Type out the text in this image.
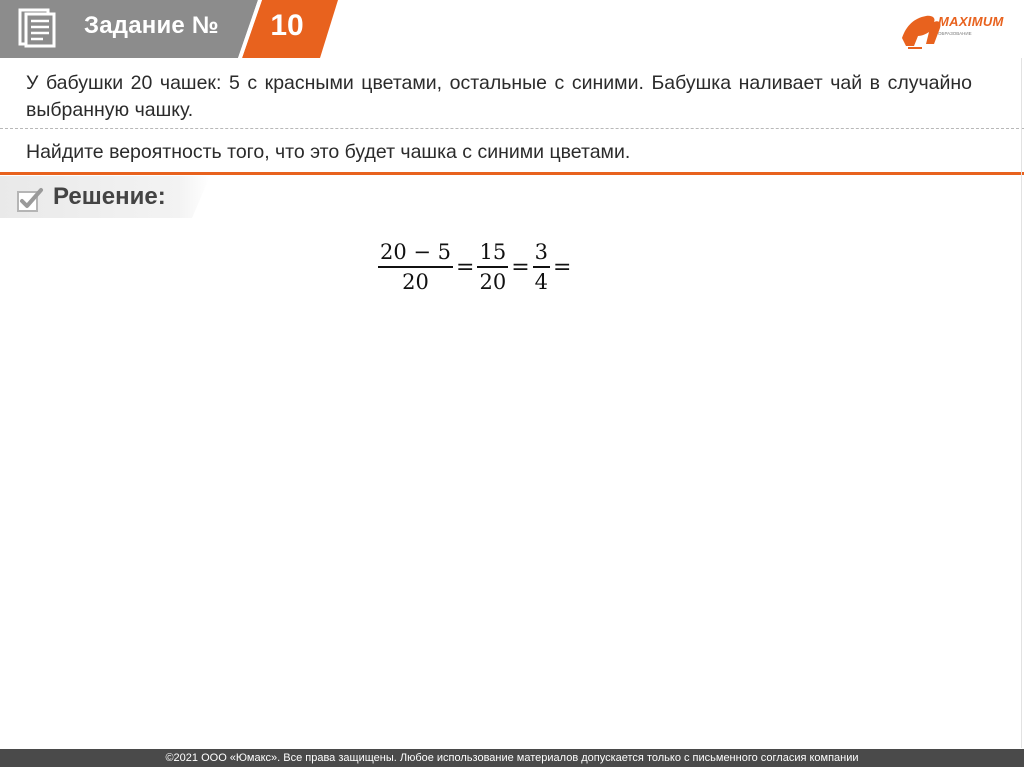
Задание №	10	MAXIMUM
ОБРАЗОВАНИЕ
У бабушки 20 чашек: 5 с красными цветами, остальные с синими. Бабушка наливает чай в случайно выбранную чашку.
Найдите вероятность того, что это будет чашка с синими цветами.
Решение:
$\frac{20 - 5}{20} = \frac{15}{20} = \frac{3}{4}$ =
©2021 ООО «Юмакс». Все права защищены. Любое использование материалов допускается только с письменного согласия компании
